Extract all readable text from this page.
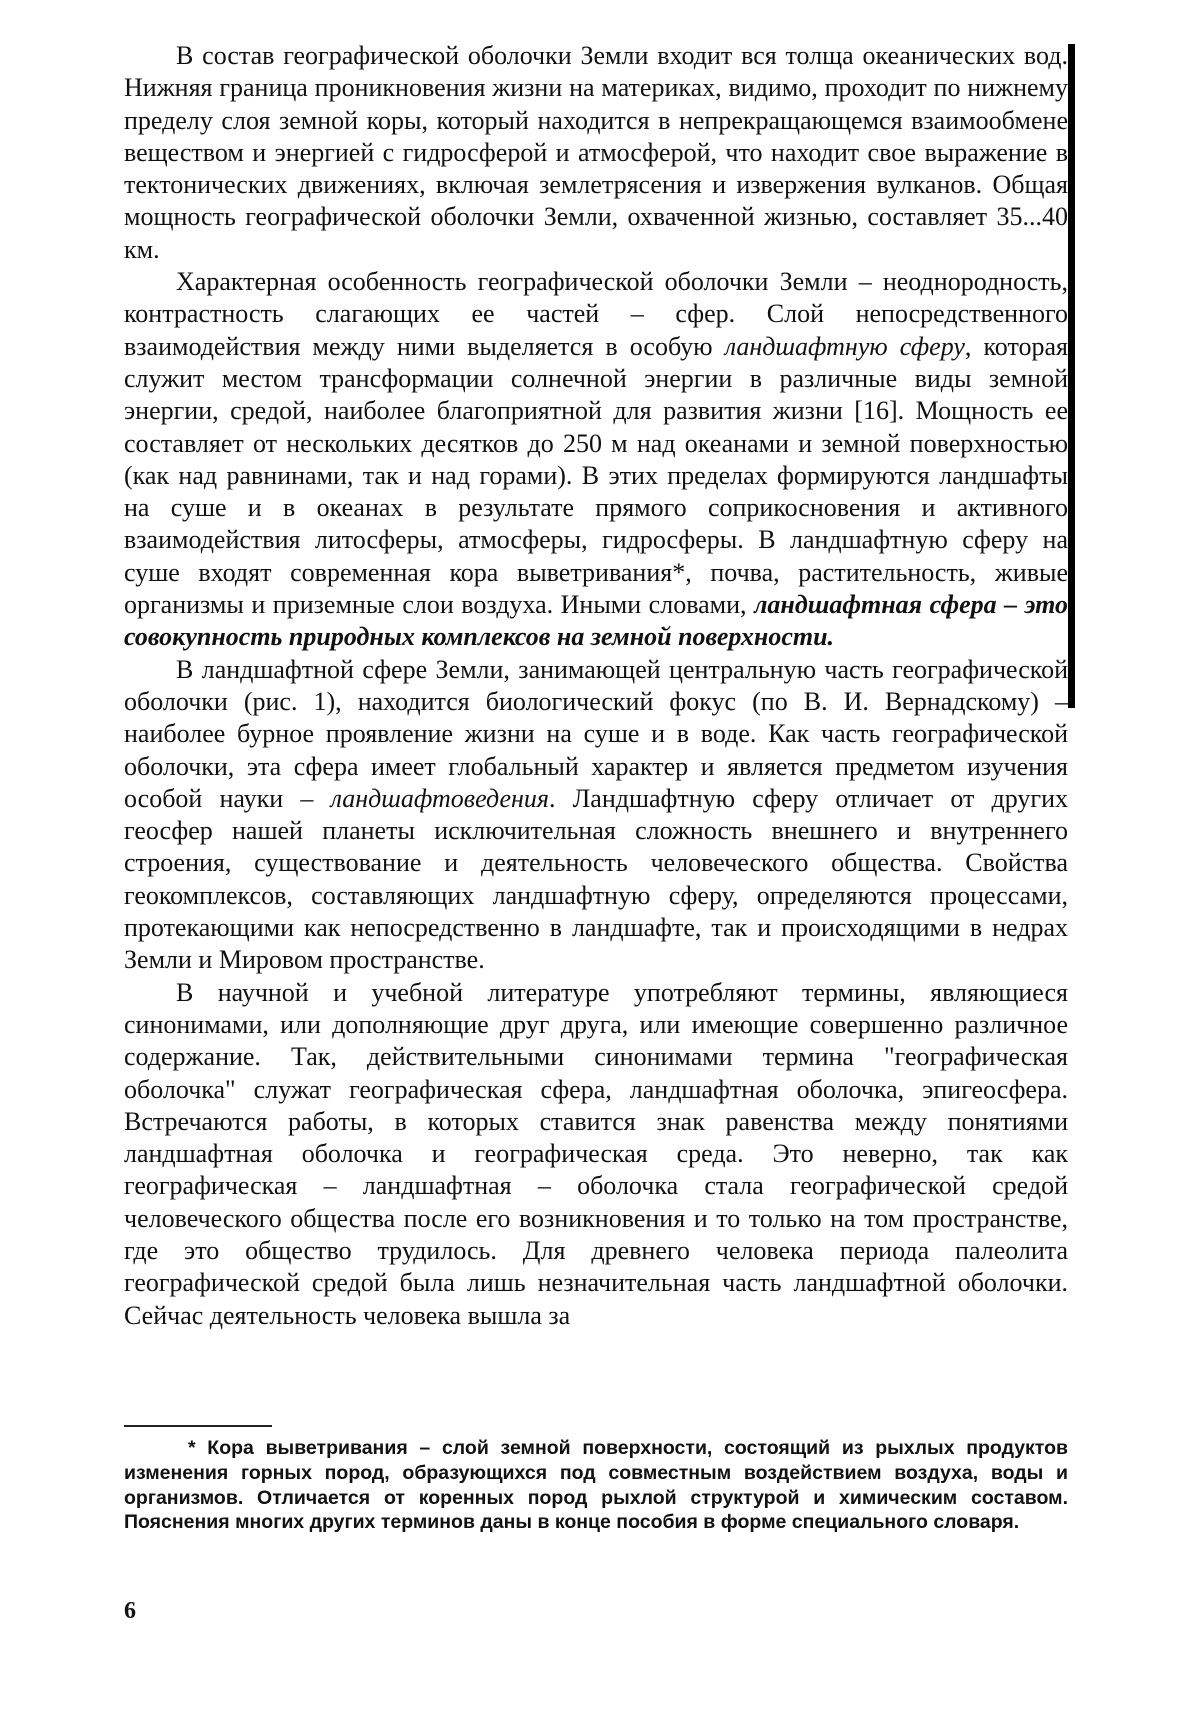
В состав географической оболочки Земли входит вся толща океанических вод. Нижняя граница проникновения жизни на материках, видимо, проходит по нижнему пределу слоя земной коры, который находится в непрекращающемся взаимообмене веществом и энергией с гидросферой и атмосферой, что находит свое выражение в тектонических движениях, включая землетрясения и извержения вулканов. Общая мощность географической оболочки Земли, охваченной жизнью, составляет 35...40 км.

Характерная особенность географической оболочки Земли – неоднородность, контрастность слагающих ее частей – сфер. Слой непосредственного взаимодействия между ними выделяется в особую ландшафтную сферу, которая служит местом трансформации солнечной энергии в различные виды земной энергии, средой, наиболее благоприятной для развития жизни [16]. Мощность ее составляет от нескольких десятков до 250 м над океанами и земной поверхностью (как над равнинами, так и над горами). В этих пределах формируются ландшафты на суше и в океанах в результате прямого соприкосновения и активного взаимодействия литосферы, атмосферы, гидросферы. В ландшафтную сферу на суше входят современная кора выветривания*, почва, растительность, живые организмы и приземные слои воздуха. Иными словами, ландшафтная сфера – это совокупность природных комплексов на земной поверхности.

В ландшафтной сфере Земли, занимающей центральную часть географической оболочки (рис. 1), находится биологический фокус (по В. И. Вернадскому) – наиболее бурное проявление жизни на суше и в воде. Как часть географической оболочки, эта сфера имеет глобальный характер и является предметом изучения особой науки – ландшафтоведения. Ландшафтную сферу отличает от других геосфер нашей планеты исключительная сложность внешнего и внутреннего строения, существование и деятельность человеческого общества. Свойства геокомплексов, составляющих ландшафтную сферу, определяются процессами, протекающими как непосредственно в ландшафте, так и происходящими в недрах Земли и Мировом пространстве.

В научной и учебной литературе употребляют термины, являющиеся синонимами, или дополняющие друг друга, или имеющие совершенно различное содержание. Так, действительными синонимами термина "географическая оболочка" служат географическая сфера, ландшафтная оболочка, эпигеосфера. Встречаются работы, в которых ставится знак равенства между понятиями ландшафтная оболочка и географическая среда. Это неверно, так как географическая – ландшафтная – оболочка стала географической средой человеческого общества после его возникновения и то только на том пространстве, где это общество трудилось. Для древнего человека периода палеолита географической средой была лишь незначительная часть ландшафтной оболочки. Сейчас деятельность человека вышла за

* Кора выветривания – слой земной поверхности, состоящий из рыхлых продуктов изменения горных пород, образующихся под совместным воздействием воздуха, воды и организмов. Отличается от коренных пород рыхлой структурой и химическим составом. Пояснения многих других терминов даны в конце пособия в форме специального словаря.

6
